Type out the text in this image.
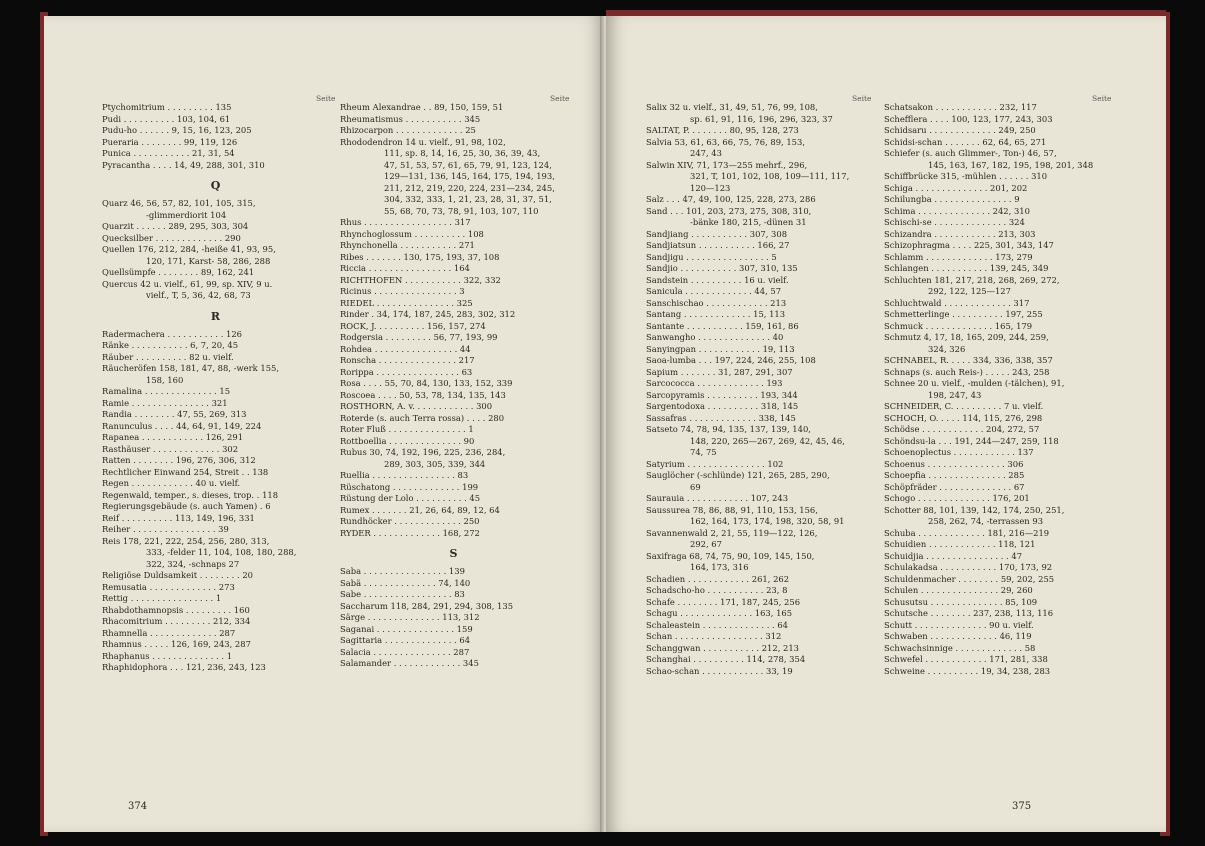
Seite	Seite
Ptychomitrium . . . . . . . . . 135
Pudi . . . . . . . . . . 103, 104, 61
Pudu-ho . . . . . . 9, 15, 16, 123, 205
Pueraria . . . . . . . . 99, 119, 126
Punica . . . . . . . . . . . 21, 31, 54
Pyracantha . . . . 14, 49, 288, 301, 310
Q
Quarz 46, 56, 57, 82, 101, 105, 315,
-glimmerdiorit 104
Quarzit . . . . . . 289, 295, 303, 304
Quecksilber . . . . . . . . . . . . . 290
Quellen 176, 212, 284, -heiße 41, 93, 95,
120, 171, Karst- 58, 286, 288
Quellsümpfe . . . . . . . . 89, 162, 241
Quercus 42 u. vielf., 61, 99, sp. XIV, 9 u.
vielf., T, 5, 36, 42, 68, 73
R
Radermachera . . . . . . . . . . . 126
Ränke . . . . . . . . . . . 6, 7, 20, 45
Räuber . . . . . . . . . . 82 u. vielf.
Räucheröfen 158, 181, 47, 88, -werk 155,
158, 160
Ramalina . . . . . . . . . . . . . . 15
Ramie . . . . . . . . . . . . . . . 321
Randia . . . . . . . . 47, 55, 269, 313
Ranunculus . . . . 44, 64, 91, 149, 224
Rapanea . . . . . . . . . . . . 126, 291
Rasthäuser . . . . . . . . . . . . . 302
Ratten . . . . . . . . 196, 276, 306, 312
Rechtlicher Einwand 254, Streit . . 138
Regen . . . . . . . . . . . . 40 u. vielf.
Regenwald, temper., s. dieses, trop. . 118
Regierungsgebäude (s. auch Yamen) . 6
Reif . . . . . . . . . . 113, 149, 196, 331
Reiher . . . . . . . . . . . . . . . . 39
Reis 178, 221, 222, 254, 256, 280, 313,
333, -felder 11, 104, 108, 180, 288,
322, 324, -schnaps 27
Religiöse Duldsamkeit . . . . . . . . 20
Remusatia . . . . . . . . . . . . . 273
Rettig . . . . . . . . . . . . . . . . 1
Rhabdothamnopsis . . . . . . . . . 160
Rhacomitrium . . . . . . . . . 212, 334
Rhamnella . . . . . . . . . . . . . 287
Rhamnus . . . . . 126, 169, 243, 287
Rhaphanus . . . . . . . . . . . . . . 1
Rhaphidophora . . . 121, 236, 243, 123
Rheum Alexandrae . . 89, 150, 159, 51
Rheumatismus . . . . . . . . . . . 345
Rhizocarpon . . . . . . . . . . . . . 25
Rhododendron 14 u. vielf., 91, 98, 102,
111, sp. 8, 14, 16, 25, 30, 36, 39, 43,
47, 51, 53, 57, 61, 65, 79, 91, 123, 124,
129—131, 136, 145, 164, 175, 194, 193,
211, 212, 219, 220, 224, 231—234, 245,
304, 332, 333, 1, 21, 23, 28, 31, 37, 51,
55, 68, 70, 73, 78, 91, 103, 107, 110
Rhus . . . . . . . . . . . . . . . . . 317
Rhynchoglossum . . . . . . . . . . 108
Rhynchonella . . . . . . . . . . . 271
Ribes . . . . . . . 130, 175, 193, 37, 108
Riccia . . . . . . . . . . . . . . . . 164
RICHTHOFEN . . . . . . . . . . . 322, 332
Ricinus . . . . . . . . . . . . . . . . 3
RIEDEL . . . . . . . . . . . . . . . 325
Rinder . 34, 174, 187, 245, 283, 302, 312
ROCK, J. . . . . . . . . . 156, 157, 274
Rodgersia . . . . . . . . . 56, 77, 193, 99
Rohdea . . . . . . . . . . . . . . . . 44
Ronscha . . . . . . . . . . . . . . . 217
Rorippa . . . . . . . . . . . . . . . . 63
Rosa . . . . 55, 70, 84, 130, 133, 152, 339
Roscoea . . . . 50, 53, 78, 134, 135, 143
ROSTHORN, A. v. . . . . . . . . . . . 300
Roterde (s. auch Terra rossa) . . . . 280
Roter Fluß . . . . . . . . . . . . . . . 1
Rottboellia . . . . . . . . . . . . . . 90
Rubus 30, 74, 192, 196, 225, 236, 284,
289, 303, 305, 339, 344
Ruellia . . . . . . . . . . . . . . . . 83
Rüschatong . . . . . . . . . . . . . 199
Rüstung der Lolo . . . . . . . . . . 45
Rumex . . . . . . . 21, 26, 64, 89, 12, 64
Rundhöcker . . . . . . . . . . . . . 250
RYDER . . . . . . . . . . . . . 168, 272
S
Saba . . . . . . . . . . . . . . . . 139
Sabä . . . . . . . . . . . . . . 74, 140
Sabe . . . . . . . . . . . . . . . . . 83
Saccharum 118, 284, 291, 294, 308, 135
Särge . . . . . . . . . . . . . . 113, 312
Saganai . . . . . . . . . . . . . . . 159
Sagittaria . . . . . . . . . . . . . . 64
Salacia . . . . . . . . . . . . . . . 287
Salamander . . . . . . . . . . . . . 345
374
Seite	Seite
Salix 32 u. vielf., 31, 49, 51, 76, 99, 108,
sp. 61, 91, 116, 196, 296, 323, 37
SALTAT, P. . . . . . . . 80, 95, 128, 273
Salvia 53, 61, 63, 66, 75, 76, 89, 153,
247, 43
Salwin XIV, 71, 173—255 mehrf., 296,
321, T, 101, 102, 108, 109—111, 117,
120—123
Salz . . . 47, 49, 100, 125, 228, 273, 286
Sand . . . 101, 203, 273, 275, 308, 310,
-bänke 180, 215, -dünen 31
Sandjiang . . . . . . . . . . . 307, 308
Sandjiatsun . . . . . . . . . . . 166, 27
Sandjigu . . . . . . . . . . . . . . . . 5
Sandjio . . . . . . . . . . . 307, 310, 135
Sandstein . . . . . . . . . . 16 u. vielf.
Sanicula . . . . . . . . . . . . . 44, 57
Sanschischao . . . . . . . . . . . . 213
Santang . . . . . . . . . . . . . 15, 113
Santante . . . . . . . . . . . 159, 161, 86
Sanwangho . . . . . . . . . . . . . . 40
Sanyingpan . . . . . . . . . . . . 19, 113
Saoa-lumba . . . 197, 224, 246, 255, 108
Sapium . . . . . . . 31, 287, 291, 307
Sarcococca . . . . . . . . . . . . . 193
Sarcopyramis . . . . . . . . . . 193, 344
Sargentodoxa . . . . . . . . . . 318, 145
Sassafras . . . . . . . . . . . . . 338, 145
Satseto 74, 78, 94, 135, 137, 139, 140,
148, 220, 265—267, 269, 42, 45, 46,
74, 75
Satyrium . . . . . . . . . . . . . . . 102
Sauglöcher (-schlünde) 121, 265, 285, 290,
69
Saurauia . . . . . . . . . . . . 107, 243
Saussurea 78, 86, 88, 91, 110, 153, 156,
162, 164, 173, 174, 198, 320, 58, 91
Savannenwald 2, 21, 55, 119—122, 126,
292, 67
Saxifraga 68, 74, 75, 90, 109, 145, 150,
164, 173, 316
Schadien . . . . . . . . . . . . 261, 262
Schadscho-ho . . . . . . . . . . . 23, 8
Schafe . . . . . . . . 171, 187, 245, 256
Schagu . . . . . . . . . . . . . . 163, 165
Schaleastein . . . . . . . . . . . . . . 64
Schan . . . . . . . . . . . . . . . . . 312
Schanggwan . . . . . . . . . . . 212, 213
Schanghai . . . . . . . . . . 114, 278, 354
Schao-schan . . . . . . . . . . . . 33, 19
Schatsakon . . . . . . . . . . . . 232, 117
Schefflera . . . . 100, 123, 177, 243, 303
Schidsaru . . . . . . . . . . . . . 249, 250
Schidsi-schan . . . . . . . 62, 64, 65, 271
Schiefer (s. auch Glimmer-, Ton-) 46, 57,
145, 163, 167, 182, 195, 198, 201, 348
Schiffbrücke 315, -mühlen . . . . . . 310
Schiga . . . . . . . . . . . . . . 201, 202
Schilungba . . . . . . . . . . . . . . . 9
Schima . . . . . . . . . . . . . . 242, 310
Schischi-se . . . . . . . . . . . . . . 324
Schizandra . . . . . . . . . . . . 213, 303
Schizophragma . . . . 225, 301, 343, 147
Schlamm . . . . . . . . . . . . . 173, 279
Schlangen . . . . . . . . . . . 139, 245, 349
Schluchten 181, 217, 218, 268, 269, 272,
292, 122, 125—127
Schluchtwald . . . . . . . . . . . . . 317
Schmetterlinge . . . . . . . . . . 197, 255
Schmuck . . . . . . . . . . . . . 165, 179
Schmutz 4, 17, 18, 165, 209, 244, 259,
324, 326
SCHNABEL, R. . . . . 334, 336, 338, 357
Schnaps (s. auch Reis-) . . . . . 243, 258
Schnee 20 u. vielf., -mulden (-tälchen), 91,
198, 247, 43
SCHNEIDER, C. . . . . . . . . . 7 u. vielf.
SCHOCH, O. . . . . 114, 115, 276, 298
Schödse . . . . . . . . . . . . 204, 272, 57
Schöndsu-la . . . 191, 244—247, 259, 118
Schoenoplectus . . . . . . . . . . . . 137
Schoenus . . . . . . . . . . . . . . . 306
Schoepfia . . . . . . . . . . . . . . . 285
Schöpfräder . . . . . . . . . . . . . . 67
Schogo . . . . . . . . . . . . . . 176, 201
Schotter 88, 101, 139, 142, 174, 250, 251,
258, 262, 74, -terrassen 93
Schuba . . . . . . . . . . . . . 181, 216—219
Schuidien . . . . . . . . . . . . . 118, 121
Schuidjia . . . . . . . . . . . . . . . . 47
Schulakadsa . . . . . . . . . . . 170, 173, 92
Schuldenmacher . . . . . . . . 59, 202, 255
Schulen . . . . . . . . . . . . . . . 29, 260
Schusutsu . . . . . . . . . . . . . . 85, 109
Schutsche . . . . . . . . 237, 238, 113, 116
Schutt . . . . . . . . . . . . . . 90 u. vielf.
Schwaben . . . . . . . . . . . . . 46, 119
Schwachsinnige . . . . . . . . . . . . . 58
Schwefel . . . . . . . . . . . . 171, 281, 338
Schweine . . . . . . . . . . 19, 34, 238, 283
375
